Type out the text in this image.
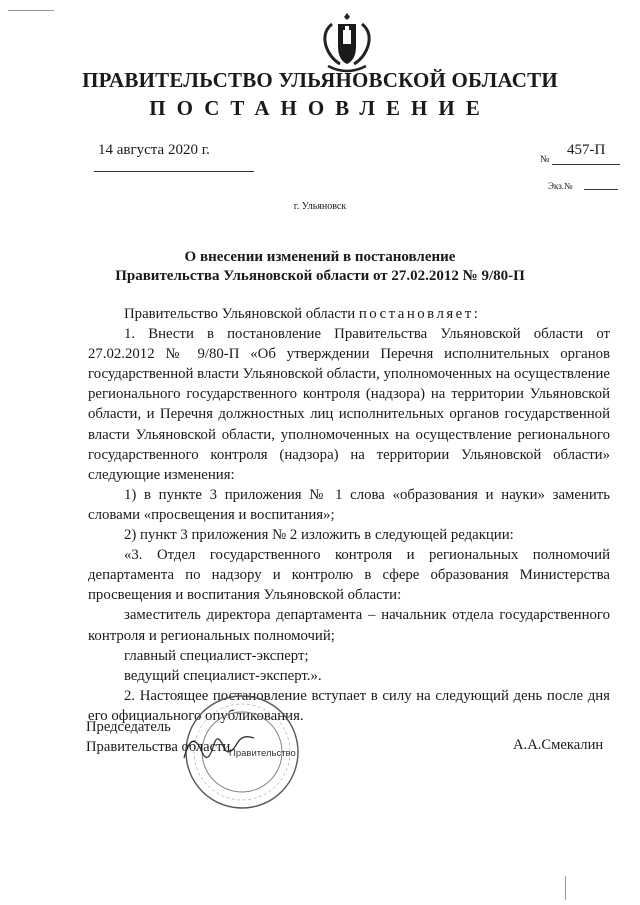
ПРАВИТЕЛЬСТВО УЛЬЯНОВСКОЙ ОБЛАСТИ
ПОСТАНОВЛЕНИЕ
14 августа 2020 г.
№
457-П
Экз.№
г. Ульяновск
О внесении изменений в постановление
Правительства Ульяновской области от 27.02.2012 № 9/80-П

Правительство Ульяновской области постановляет:

1. Внести в постановление Правительства Ульяновской области от 27.02.2012 № 9/80-П «Об утверждении Перечня исполнительных органов государственной власти Ульяновской области, уполномоченных на осуществление регионального государственного контроля (надзора) на территории Ульяновской области, и Перечня должностных лиц исполнительных органов государственной власти Ульяновской области, уполномоченных на осуществление регионального государственного контроля (надзора) на территории Ульяновской области» следующие изменения:

1) в пункте 3 приложения № 1 слова «образования и науки» заменить словами «просвещения и воспитания»;

2) пункт 3 приложения № 2 изложить в следующей редакции:

«3. Отдел государственного контроля и региональных полномочий департамента по надзору и контролю в сфере образования Министерства просвещения и воспитания Ульяновской области:

заместитель директора департамента – начальник отдела государственного контроля и региональных полномочий;

главный специалист-эксперт;

ведущий специалист-эксперт.».

2. Настоящее постановление вступает в силу на следующий день после дня его официального опубликования.

Правительство
Председатель
Правительства области	А.А.Смекалин
